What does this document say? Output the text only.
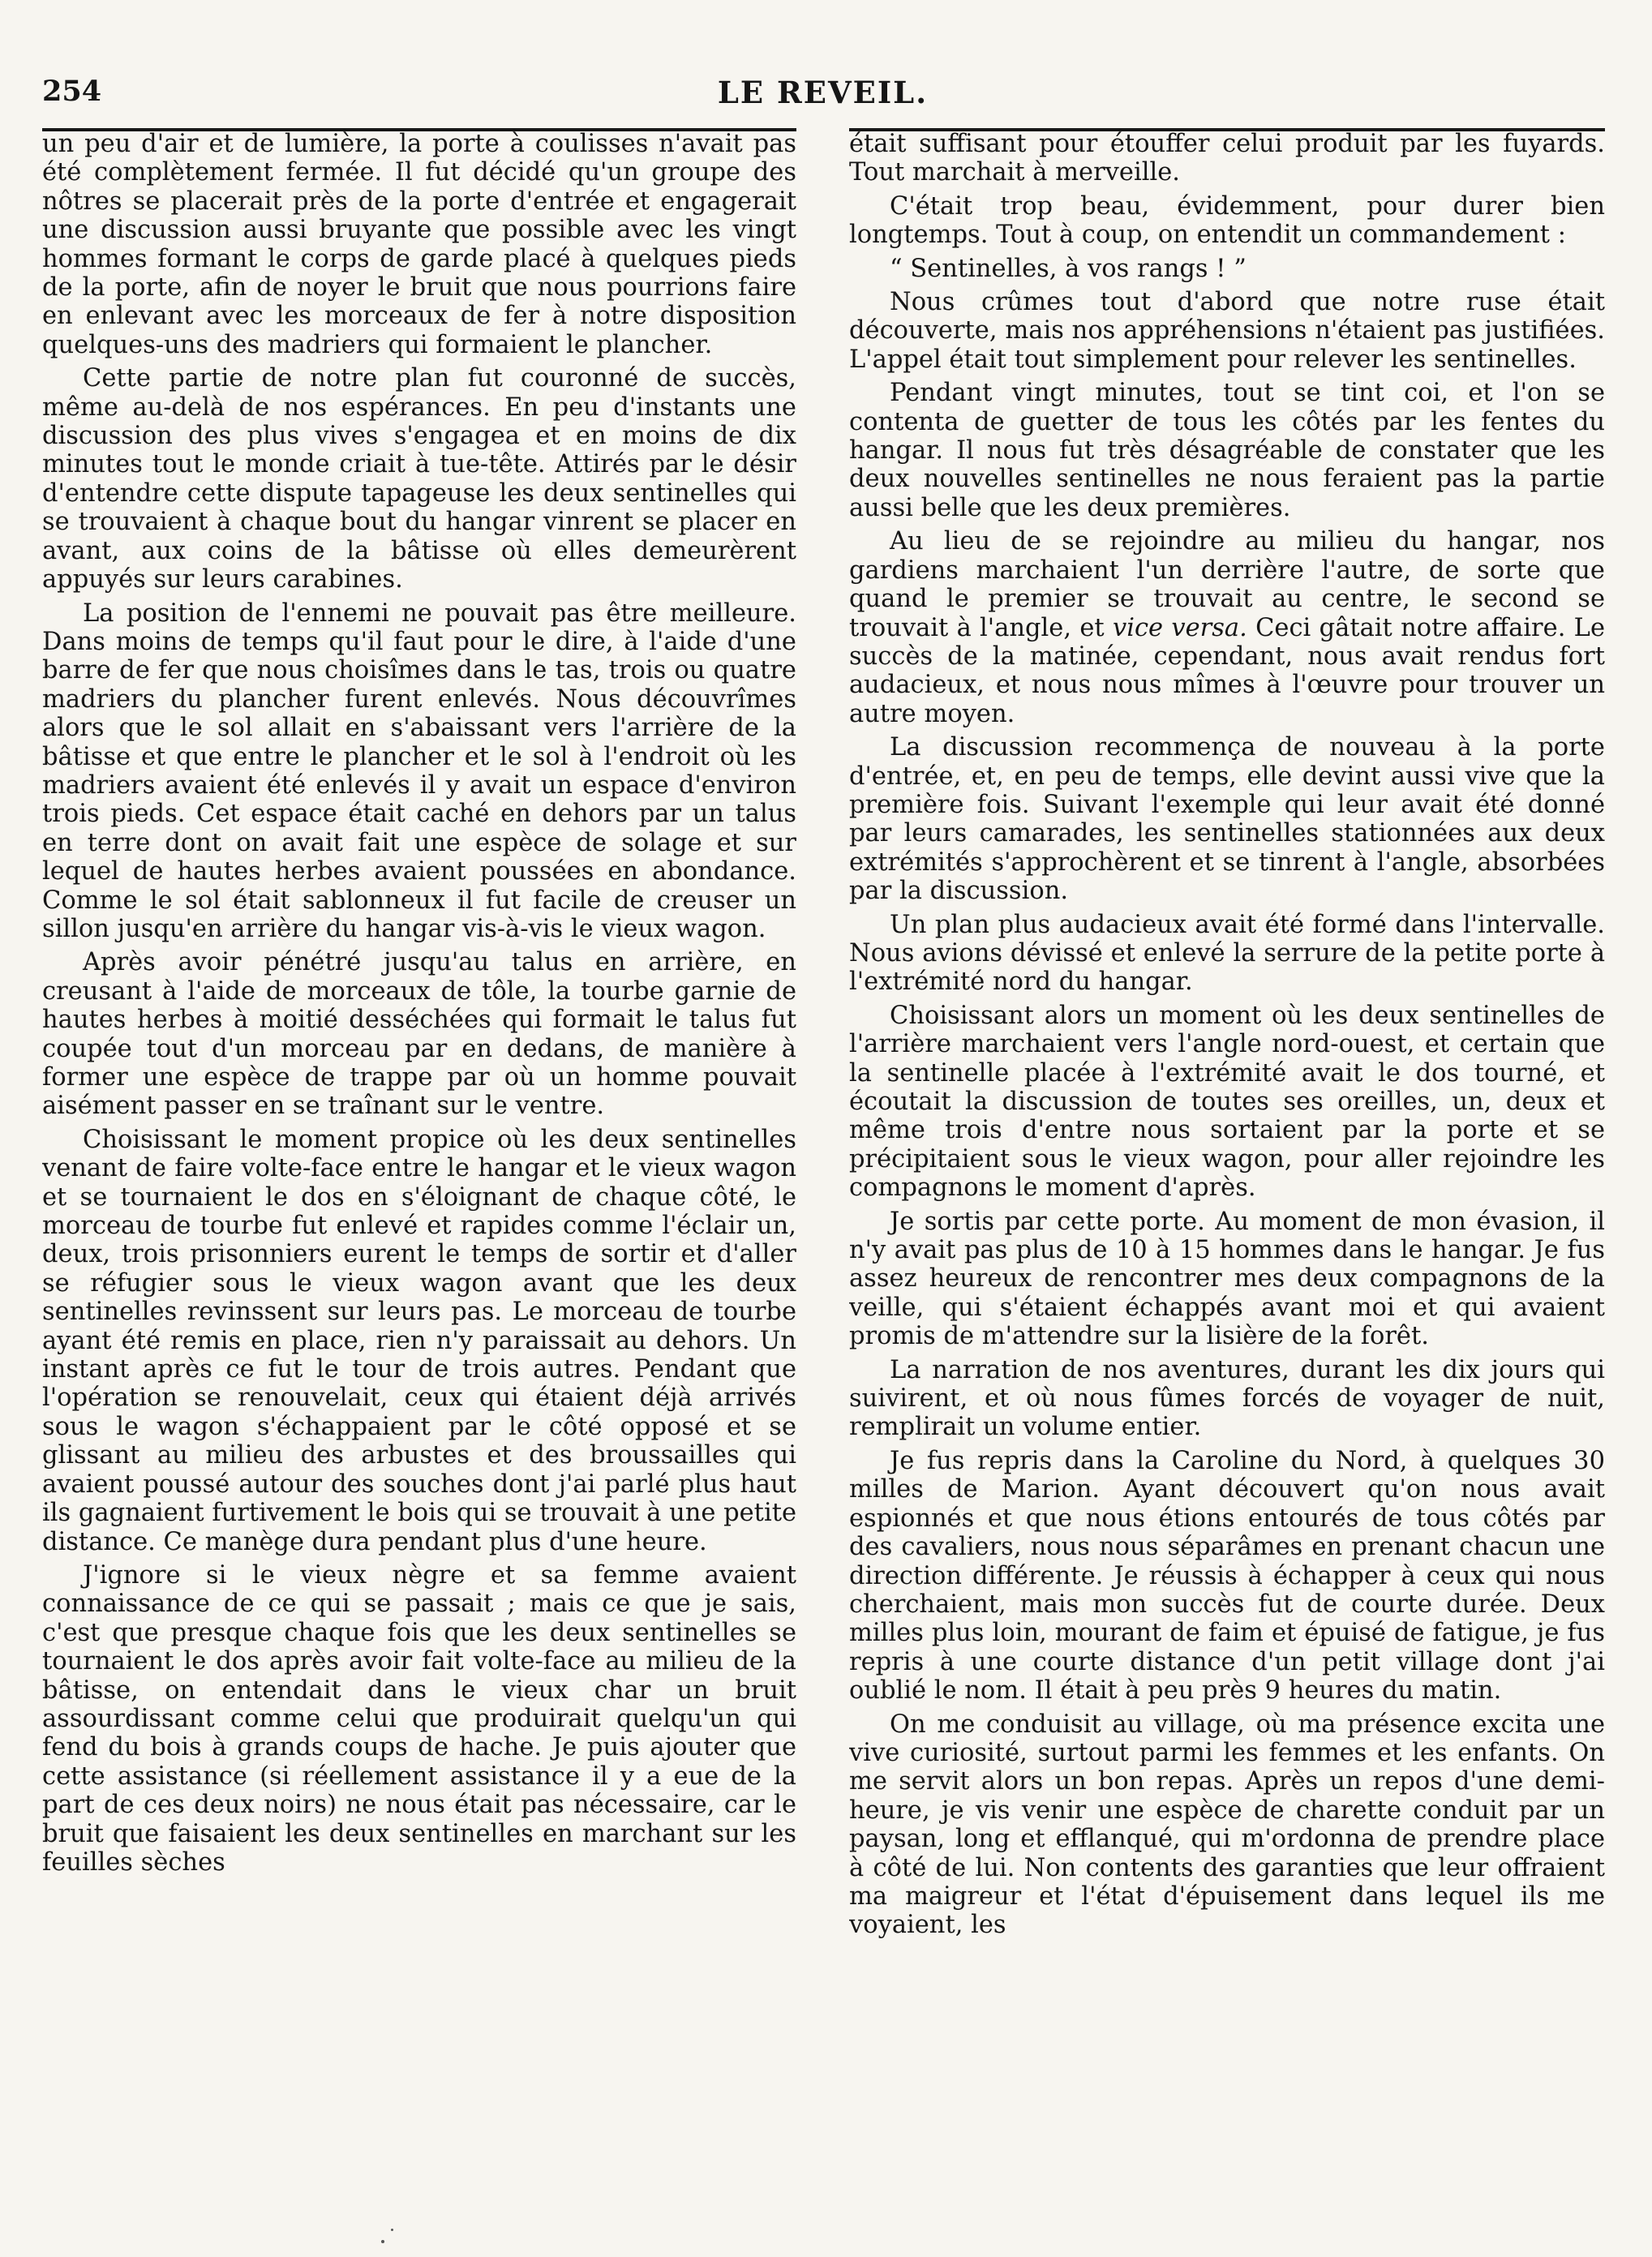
254	LE REVEIL.

un peu d'air et de lumière, la porte à coulisses n'avait pas été complètement fermée. Il fut décidé qu'un groupe des nôtres se placerait près de la porte d'entrée et engagerait une discussion aussi bruyante que possible avec les vingt hommes formant le corps de garde placé à quelques pieds de la porte, afin de noyer le bruit que nous pourrions faire en enlevant avec les morceaux de fer à notre disposition quelques-uns des madriers qui formaient le plancher.

Cette partie de notre plan fut couronné de succès, même au-delà de nos espérances. En peu d'instants une discussion des plus vives s'engagea et en moins de dix minutes tout le monde criait à tue-tête. Attirés par le désir d'entendre cette dispute tapageuse les deux sentinelles qui se trouvaient à chaque bout du hangar vinrent se placer en avant, aux coins de la bâtisse où elles demeurèrent appuyés sur leurs carabines.

La position de l'ennemi ne pouvait pas être meilleure. Dans moins de temps qu'il faut pour le dire, à l'aide d'une barre de fer que nous choisîmes dans le tas, trois ou quatre madriers du plancher furent enlevés. Nous découvrîmes alors que le sol allait en s'abaissant vers l'arrière de la bâtisse et que entre le plancher et le sol à l'endroit où les madriers avaient été enlevés il y avait un espace d'environ trois pieds. Cet espace était caché en dehors par un talus en terre dont on avait fait une espèce de solage et sur lequel de hautes herbes avaient poussées en abondance. Comme le sol était sablonneux il fut facile de creuser un sillon jusqu'en arrière du hangar vis-à-vis le vieux wagon.

Après avoir pénétré jusqu'au talus en arrière, en creusant à l'aide de morceaux de tôle, la tourbe garnie de hautes herbes à moitié desséchées qui formait le talus fut coupée tout d'un morceau par en dedans, de manière à former une espèce de trappe par où un homme pouvait aisément passer en se traînant sur le ventre.

Choisissant le moment propice où les deux sentinelles venant de faire volte-face entre le hangar et le vieux wagon et se tournaient le dos en s'éloignant de chaque côté, le morceau de tourbe fut enlevé et rapides comme l'éclair un, deux, trois prisonniers eurent le temps de sortir et d'aller se réfugier sous le vieux wagon avant que les deux sentinelles revinssent sur leurs pas. Le morceau de tourbe ayant été remis en place, rien n'y paraissait au dehors. Un instant après ce fut le tour de trois autres. Pendant que l'opération se renouvelait, ceux qui étaient déjà arrivés sous le wagon s'échappaient par le côté opposé et se glissant au milieu des arbustes et des broussailles qui avaient poussé autour des souches dont j'ai parlé plus haut ils gagnaient furtivement le bois qui se trouvait à une petite distance. Ce manège dura pendant plus d'une heure.

J'ignore si le vieux nègre et sa femme avaient connaissance de ce qui se passait ; mais ce que je sais, c'est que presque chaque fois que les deux sentinelles se tournaient le dos après avoir fait volte-face au milieu de la bâtisse, on entendait dans le vieux char un bruit assourdissant comme celui que produirait quelqu'un qui fend du bois à grands coups de hache. Je puis ajouter que cette assistance (si réellement assistance il y a eue de la part de ces deux noirs) ne nous était pas nécessaire, car le bruit que faisaient les deux sentinelles en marchant sur les feuilles sèches

était suffisant pour étouffer celui produit par les fuyards. Tout marchait à merveille.

C'était trop beau, évidemment, pour durer bien longtemps. Tout à coup, on entendit un commandement :

“ Sentinelles, à vos rangs ! ”

Nous crûmes tout d'abord que notre ruse était découverte, mais nos appréhensions n'étaient pas justifiées. L'appel était tout simplement pour relever les sentinelles.

Pendant vingt minutes, tout se tint coi, et l'on se contenta de guetter de tous les côtés par les fentes du hangar. Il nous fut très désagréable de constater que les deux nouvelles sentinelles ne nous feraient pas la partie aussi belle que les deux premières.

Au lieu de se rejoindre au milieu du hangar, nos gardiens marchaient l'un derrière l'autre, de sorte que quand le premier se trouvait au centre, le second se trouvait à l'angle, et vice versa. Ceci gâtait notre affaire. Le succès de la matinée, cependant, nous avait rendus fort audacieux, et nous nous mîmes à l'œuvre pour trouver un autre moyen.

La discussion recommença de nouveau à la porte d'entrée, et, en peu de temps, elle devint aussi vive que la première fois. Suivant l'exemple qui leur avait été donné par leurs camarades, les sentinelles stationnées aux deux extrémités s'approchèrent et se tinrent à l'angle, absorbées par la discussion.

Un plan plus audacieux avait été formé dans l'intervalle. Nous avions dévissé et enlevé la serrure de la petite porte à l'extrémité nord du hangar.

Choisissant alors un moment où les deux sentinelles de l'arrière marchaient vers l'angle nord-ouest, et certain que la sentinelle placée à l'extrémité avait le dos tourné, et écoutait la discussion de toutes ses oreilles, un, deux et même trois d'entre nous sortaient par la porte et se précipitaient sous le vieux wagon, pour aller rejoindre les compagnons le moment d'après.

Je sortis par cette porte. Au moment de mon évasion, il n'y avait pas plus de 10 à 15 hommes dans le hangar. Je fus assez heureux de rencontrer mes deux compagnons de la veille, qui s'étaient échappés avant moi et qui avaient promis de m'attendre sur la lisière de la forêt.

La narration de nos aventures, durant les dix jours qui suivirent, et où nous fûmes forcés de voyager de nuit, remplirait un volume entier.

Je fus repris dans la Caroline du Nord, à quelques 30 milles de Marion. Ayant découvert qu'on nous avait espionnés et que nous étions entourés de tous côtés par des cavaliers, nous nous séparâmes en prenant chacun une direction différente. Je réussis à échapper à ceux qui nous cherchaient, mais mon succès fut de courte durée. Deux milles plus loin, mourant de faim et épuisé de fatigue, je fus repris à une courte distance d'un petit village dont j'ai oublié le nom. Il était à peu près 9 heures du matin.

On me conduisit au village, où ma présence excita une vive curiosité, surtout parmi les femmes et les enfants. On me servit alors un bon repas. Après un repos d'une demi-heure, je vis venir une espèce de charette conduit par un paysan, long et efflanqué, qui m'ordonna de prendre place à côté de lui. Non contents des garanties que leur offraient ma maigreur et l'état d'épuisement dans lequel ils me voyaient, les
